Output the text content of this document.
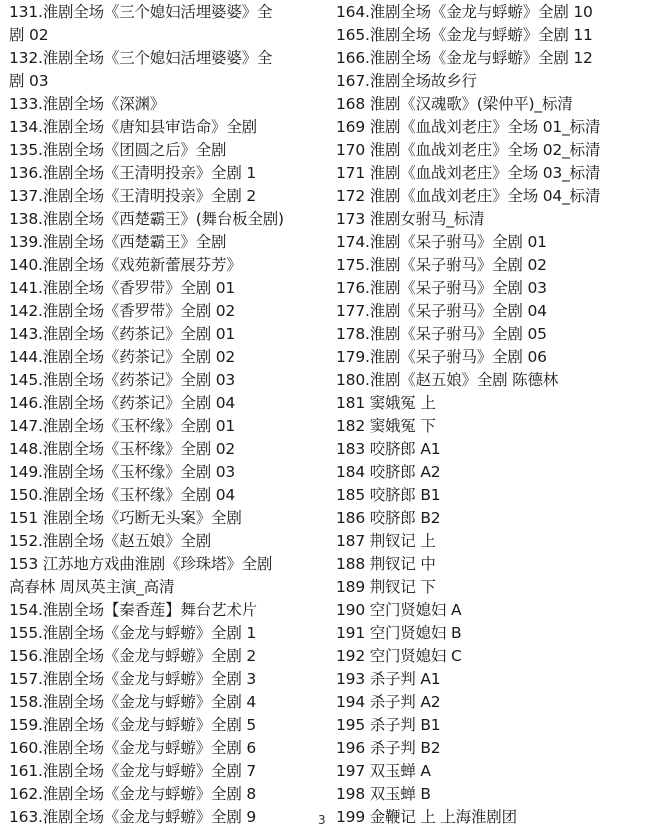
131.淮剧全场《三个媳妇活埋婆婆》全
剧 02
132.淮剧全场《三个媳妇活埋婆婆》全
剧 03
133.淮剧全场《深渊》
134.淮剧全场《唐知县审诰命》全剧
135.淮剧全场《团圆之后》全剧
136.淮剧全场《王清明投亲》全剧 1
137.淮剧全场《王清明投亲》全剧 2
138.淮剧全场《西楚霸王》(舞台板全剧)
139.淮剧全场《西楚霸王》全剧
140.淮剧全场《戏苑新蕾展芬芳》
141.淮剧全场《香罗带》全剧 01
142.淮剧全场《香罗带》全剧 02
143.淮剧全场《药茶记》全剧 01
144.淮剧全场《药茶记》全剧 02
145.淮剧全场《药茶记》全剧 03
146.淮剧全场《药茶记》全剧 04
147.淮剧全场《玉杯缘》全剧 01
148.淮剧全场《玉杯缘》全剧 02
149.淮剧全场《玉杯缘》全剧 03
150.淮剧全场《玉杯缘》全剧 04
151 淮剧全场《巧断无头案》全剧
152.淮剧全场《赵五娘》全剧
153 江苏地方戏曲淮剧《珍珠塔》全剧
高春林 周凤英主演_高清
154.淮剧全场【秦香莲】舞台艺术片
155.淮剧全场《金龙与蜉蝣》全剧 1
156.淮剧全场《金龙与蜉蝣》全剧 2
157.淮剧全场《金龙与蜉蝣》全剧 3
158.淮剧全场《金龙与蜉蝣》全剧 4
159.淮剧全场《金龙与蜉蝣》全剧 5
160.淮剧全场《金龙与蜉蝣》全剧 6
161.淮剧全场《金龙与蜉蝣》全剧 7
162.淮剧全场《金龙与蜉蝣》全剧 8
163.淮剧全场《金龙与蜉蝣》全剧 9
164.淮剧全场《金龙与蜉蝣》全剧 10
165.淮剧全场《金龙与蜉蝣》全剧 11
166.淮剧全场《金龙与蜉蝣》全剧 12
167.淮剧全场故乡行
168 淮剧《汉魂歌》(梁仲平)_标清
169 淮剧《血战刘老庄》全场 01_标清
170 淮剧《血战刘老庄》全场 02_标清
171 淮剧《血战刘老庄》全场 03_标清
172 淮剧《血战刘老庄》全场 04_标清
173 淮剧女驸马_标清
174.淮剧《呆子驸马》全剧 01
175.淮剧《呆子驸马》全剧 02
176.淮剧《呆子驸马》全剧 03
177.淮剧《呆子驸马》全剧 04
178.淮剧《呆子驸马》全剧 05
179.淮剧《呆子驸马》全剧 06
180.淮剧《赵五娘》全剧 陈德林
181 窦娥冤 上
182 窦娥冤 下
183 咬脐郎 A1
184 咬脐郎 A2
185 咬脐郎 B1
186 咬脐郎 B2
187 荆钗记 上
188 荆钗记 中
189 荆钗记 下
190 空门贤媳妇 A
191 空门贤媳妇 B
192 空门贤媳妇 C
193 杀子判 A1
194 杀子判 A2
195 杀子判 B1
196 杀子判 B2
197 双玉蝉 A
198 双玉蝉 B
199 金鞭记 上 上海淮剧团
3
